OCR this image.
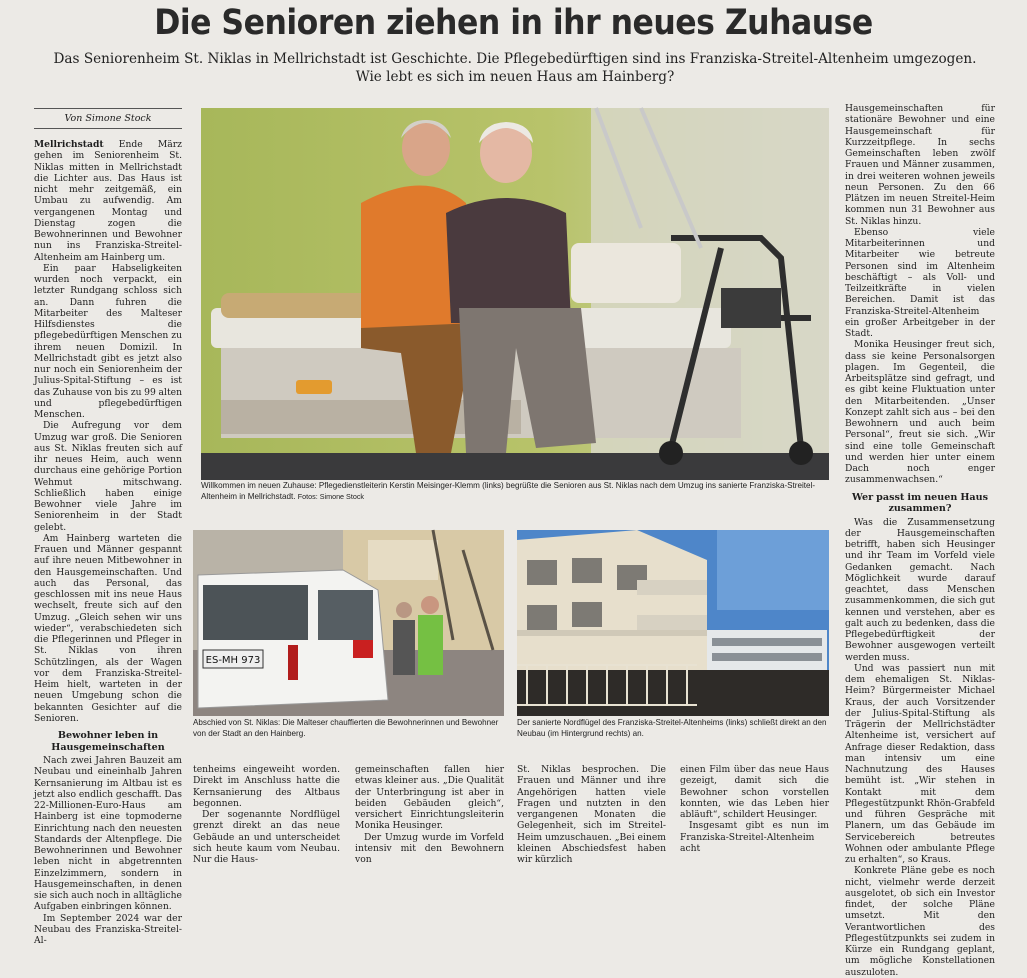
Die Senioren ziehen in ihr neues Zuhause
Das Seniorenheim St. Niklas in Mellrichstadt ist Geschichte. Die Pflegebedürftigen sind ins Franziska-Streitel-Altenheim umgezogen.
Wie lebt es sich im neuen Haus am Hainberg?
Von Simone Stock

Mellrichstadt Ende März gehen im Seniorenheim St. Niklas mitten in Mellrichstadt die Lichter aus. Das Haus ist nicht mehr zeitgemäß, ein Umbau zu aufwendig. Am vergangenen Montag und Dienstag zogen die Bewohnerinnen und Bewohner nun ins Franziska-Streitel-Altenheim am Hainberg um.

Ein paar Habseligkeiten wurden noch verpackt, ein letzter Rundgang schloss sich an. Dann fuhren die Mitarbeiter des Malteser Hilfsdienstes die pflegebedürftigen Menschen zu ihrem neuen Domizil. In Mellrichstadt gibt es jetzt also nur noch ein Seniorenheim der Julius-Spital-Stiftung – es ist das Zuhause von bis zu 99 alten und pflegebedürftigen Menschen.

Die Aufregung vor dem Umzug war groß. Die Senioren aus St. Niklas freuten sich auf ihr neues Heim, auch wenn durchaus eine gehörige Portion Wehmut mitschwang. Schließlich haben einige Bewohner viele Jahre im Seniorenheim in der Stadt gelebt.

Am Hainberg warteten die Frauen und Männer gespannt auf ihre neuen Mitbewohner in den Hausgemeinschaften. Und auch das Personal, das geschlossen mit ins neue Haus wechselt, freute sich auf den Umzug. „Gleich sehen wir uns wieder“, verabschiedeten sich die Pflegerinnen und Pfleger in St. Niklas von ihren Schützlingen, als der Wagen vor dem Franziska-Streitel-Heim hielt, warteten in der neuen Umgebung schon die bekannten Gesichter auf die Senioren.

Bewohner leben in Hausgemeinschaften

Nach zwei Jahren Bauzeit am Neubau und eineinhalb Jahren Kernsanierung im Altbau ist es jetzt also endlich geschafft. Das 22-Millionen-Euro-Haus am Hainberg ist eine topmoderne Einrichtung nach den neuesten Standards der Altenpflege. Die Bewohnerinnen und Bewohner leben nicht in abgetrennten Einzelzimmern, sondern in Hausgemeinschaften, in denen sie sich auch noch in alltägliche Aufgaben einbringen können.

Im September 2024 war der Neubau des Franziska-Streitel-Al-

Willkommen im neuen Zuhause: Pflegedienstleiterin Kerstin Meisinger-Klemm (links) begrüßte die Senioren aus St. Niklas nach dem Umzug ins sanierte Franziska-Streitel-Altenheim in Mellrichstadt. Fotos: Simone Stock
ES-MH 973
Abschied von St. Niklas: Die Malteser chauffierten die Bewohnerinnen und Bewohner von der Stadt an den Hainberg.
Der sanierte Nordflügel des Franziska-Streitel-Altenheims (links) schließt direkt an den Neubau (im Hintergrund rechts) an.

tenheims eingeweiht worden. Direkt im Anschluss hatte die Kernsanierung des Altbaus begonnen.

Der sogenannte Nordflügel grenzt direkt an das neue Gebäude an und unterscheidet sich heute kaum vom Neubau. Nur die Haus-

gemeinschaften fallen hier etwas kleiner aus. „Die Qualität der Unterbringung ist aber in beiden Gebäuden gleich“, versichert Einrichtungsleiterin Monika Heusinger.

Der Umzug wurde im Vorfeld intensiv mit den Bewohnern von

St. Niklas besprochen. Die Frauen und Männer und ihre Angehörigen hatten viele Fragen und nutzten in den vergangenen Monaten die Gelegenheit, sich im Streitel-Heim umzuschauen. „Bei einem kleinen Abschiedsfest haben wir kürzlich

einen Film über das neue Haus gezeigt, damit sich die Bewohner schon vorstellen konnten, wie das Leben hier abläuft“, schildert Heusinger.

Insgesamt gibt es nun im Franziska-Streitel-Altenheim acht

Hausgemeinschaften für stationäre Bewohner und eine Hausgemeinschaft für Kurzzeitpflege. In sechs Gemeinschaften leben zwölf Frauen und Männer zusammen, in drei weiteren wohnen jeweils neun Personen. Zu den 66 Plätzen im neuen Streitel-Heim kommen nun 31 Bewohner aus St. Niklas hinzu.

Ebenso viele Mitarbeiterinnen und Mitarbeiter wie betreute Personen sind im Altenheim beschäftigt – als Voll- und Teilzeitkräfte in vielen Bereichen. Damit ist das Franziska-Streitel-Altenheim ein großer Arbeitgeber in der Stadt.

Monika Heusinger freut sich, dass sie keine Personalsorgen plagen. Im Gegenteil, die Arbeitsplätze sind gefragt, und es gibt keine Fluktuation unter den Mitarbeitenden. „Unser Konzept zahlt sich aus – bei den Bewohnern und auch beim Personal“, freut sie sich. „Wir sind eine tolle Gemeinschaft und werden hier unter einem Dach noch enger zusammenwachsen.“

Wer passt im neuen Haus zusammen?

Was die Zusammensetzung der Hausgemeinschaften betrifft, haben sich Heusinger und ihr Team im Vorfeld viele Gedanken gemacht. Nach Möglichkeit wurde darauf geachtet, dass Menschen zusammenkommen, die sich gut kennen und verstehen, aber es galt auch zu bedenken, dass die Pflegebedürftigkeit der Bewohner ausgewogen verteilt werden muss.

Und was passiert nun mit dem ehemaligen St. Niklas-Heim? Bürgermeister Michael Kraus, der auch Vorsitzender der Julius-Spital-Stiftung als Trägerin der Mellrichstädter Altenheime ist, versichert auf Anfrage dieser Redaktion, dass man intensiv um eine Nachnutzung des Hauses bemüht ist. „Wir stehen in Kontakt mit dem Pflegestützpunkt Rhön-Grabfeld und führen Gespräche mit Planern, um das Gebäude im Servicebereich betreutes Wohnen oder ambulante Pflege zu erhalten“, so Kraus.

Konkrete Pläne gebe es noch nicht, vielmehr werde derzeit ausgelotet, ob sich ein Investor findet, der solche Pläne umsetzt. Mit den Verantwortlichen des Pflegestützpunkts sei zudem in Kürze ein Rundgang geplant, um mögliche Konstellationen auszuloten.
